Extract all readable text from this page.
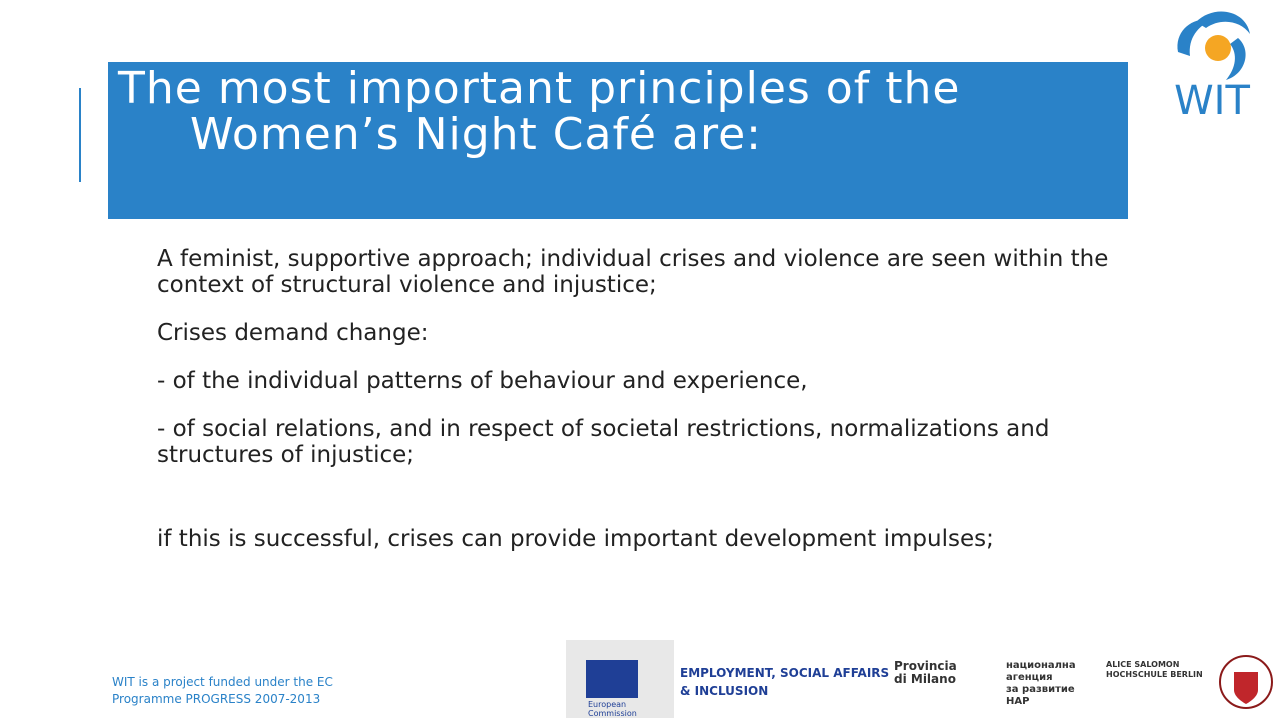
The most important principles of the
Women’s Night Café are:
WIT

A feminist, supportive approach; individual crises and violence are seen within the context of structural violence and injustice;

Crises demand change:

- of the individual patterns of behaviour and experience,

- of social relations, and in respect of societal restrictions, normalizations and structures of injustice;

if this is successful, crises can provide important development impulses;

WIT is a project funded under the EC
Programme PROGRESS 2007-2013	European
Commission
EMPLOYMENT, SOCIAL AFFAIRS
& INCLUSION
Provincia
di Milano
национална
агенция
за развитие
НАР
ALICE SALOMON
HOCHSCHULE BERLIN
